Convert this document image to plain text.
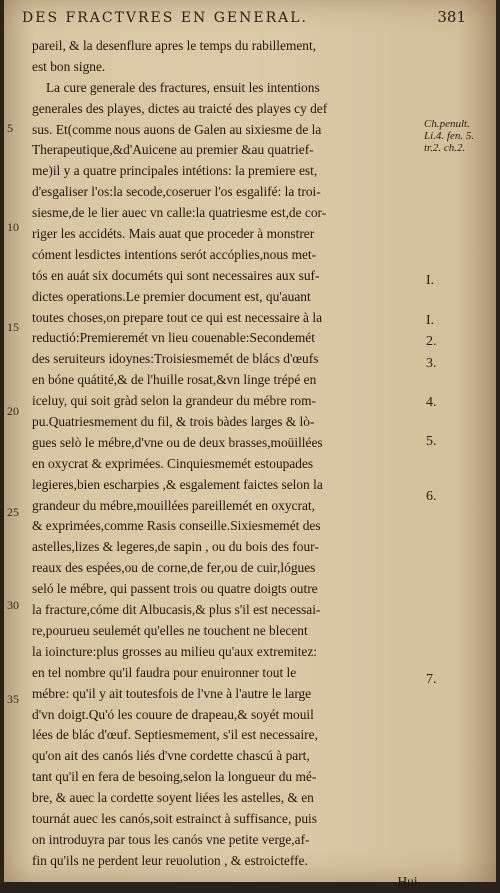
DES FRACTVRES EN GENERAL.	381
pareil, & la desenflure apres le temps du rabillement,
est bon signe.
La cure generale des fractures, ensuit les intentions
generales des playes, dictes au traicté des playes cy def
sus. Et(comme nous auons de Galen au sixiesme de la
Therapeutique,&d'Auicene au premier &au quatrief-
me)il y a quatre principales intétions: la premiere est,
d'esgaliser l'os:la secode,coseruer l'os esgalifé: la troi-
siesme,de le lier auec vn calle:la quatriesme est,de cor-
riger les accidéts. Mais auat que proceder à monstrer
cóment lesdictes intentions serót accóplies,nous met-
tós en auát six documéts qui sont necessaires aux suf-
dictes operations.Le premier document est, qu'auant
toutes choses,on prepare tout ce qui est necessaire à la
reductió:Premieremét vn lieu couenable:Secondemét
des seruiteurs idoynes:Troisiesmemét de blács d'œufs
en bóne quátité,& de l'huille rosat,&vn linge trépé en
iceluy, qui soit gràd selon la grandeur du mébre rom-
pu.Quatriesmement du fil, & trois bàdes larges & lò-
gues selò le mébre,d'vne ou de deux brasses,moüillées
en oxycrat & exprimées. Cinquiesmemét estoupades
legieres,bien escharpies ,& esgalement faictes selon la
grandeur du mébre,mouillées pareillemét en oxycrat,
& exprimées,comme Rasis conseille.Sixiesmemét des
astelles,lizes & legeres,de sapin , ou du bois des four-
reaux des espées,ou de corne,de fer,ou de cuir,lógues
seló le mébre, qui passent trois ou quatre doigts outre
la fracture,cóme dit Albucasis,& plus s'il est necessai-
re,pourueu seulemét qu'elles ne touchent ne blecent
la ioincture:plus grosses au milieu qu'aux extremitez:
en tel nombre qu'il faudra pour enuironner tout le
mébre: qu'il y ait toutesfois de l'vne à l'autre le large
d'vn doigt.Qu'ó les couure de drapeau,& soyét mouil
lées de blác d'œuf. Septiesmement, s'il est necessaire,
qu'on ait des canós liés d'vne cordette chascú à part,
tant qu'il en fera de besoing,selon la longueur du mé-
bre, & auec la cordette soyent liées les astelles, & en
tournát auec les canós,soit estrainct à suffisance, puis
on introduyra par tous les canós vne petite verge,af-
fin qu'ils ne perdent leur reuolution , & estroicteffe.
Hui-
5
10
15
20
25
30
35
Ch.penult. Li.4. fen. 5. tr.2. ch.2.
I.
I.
2.
3.
4.
5.
6.
7.
